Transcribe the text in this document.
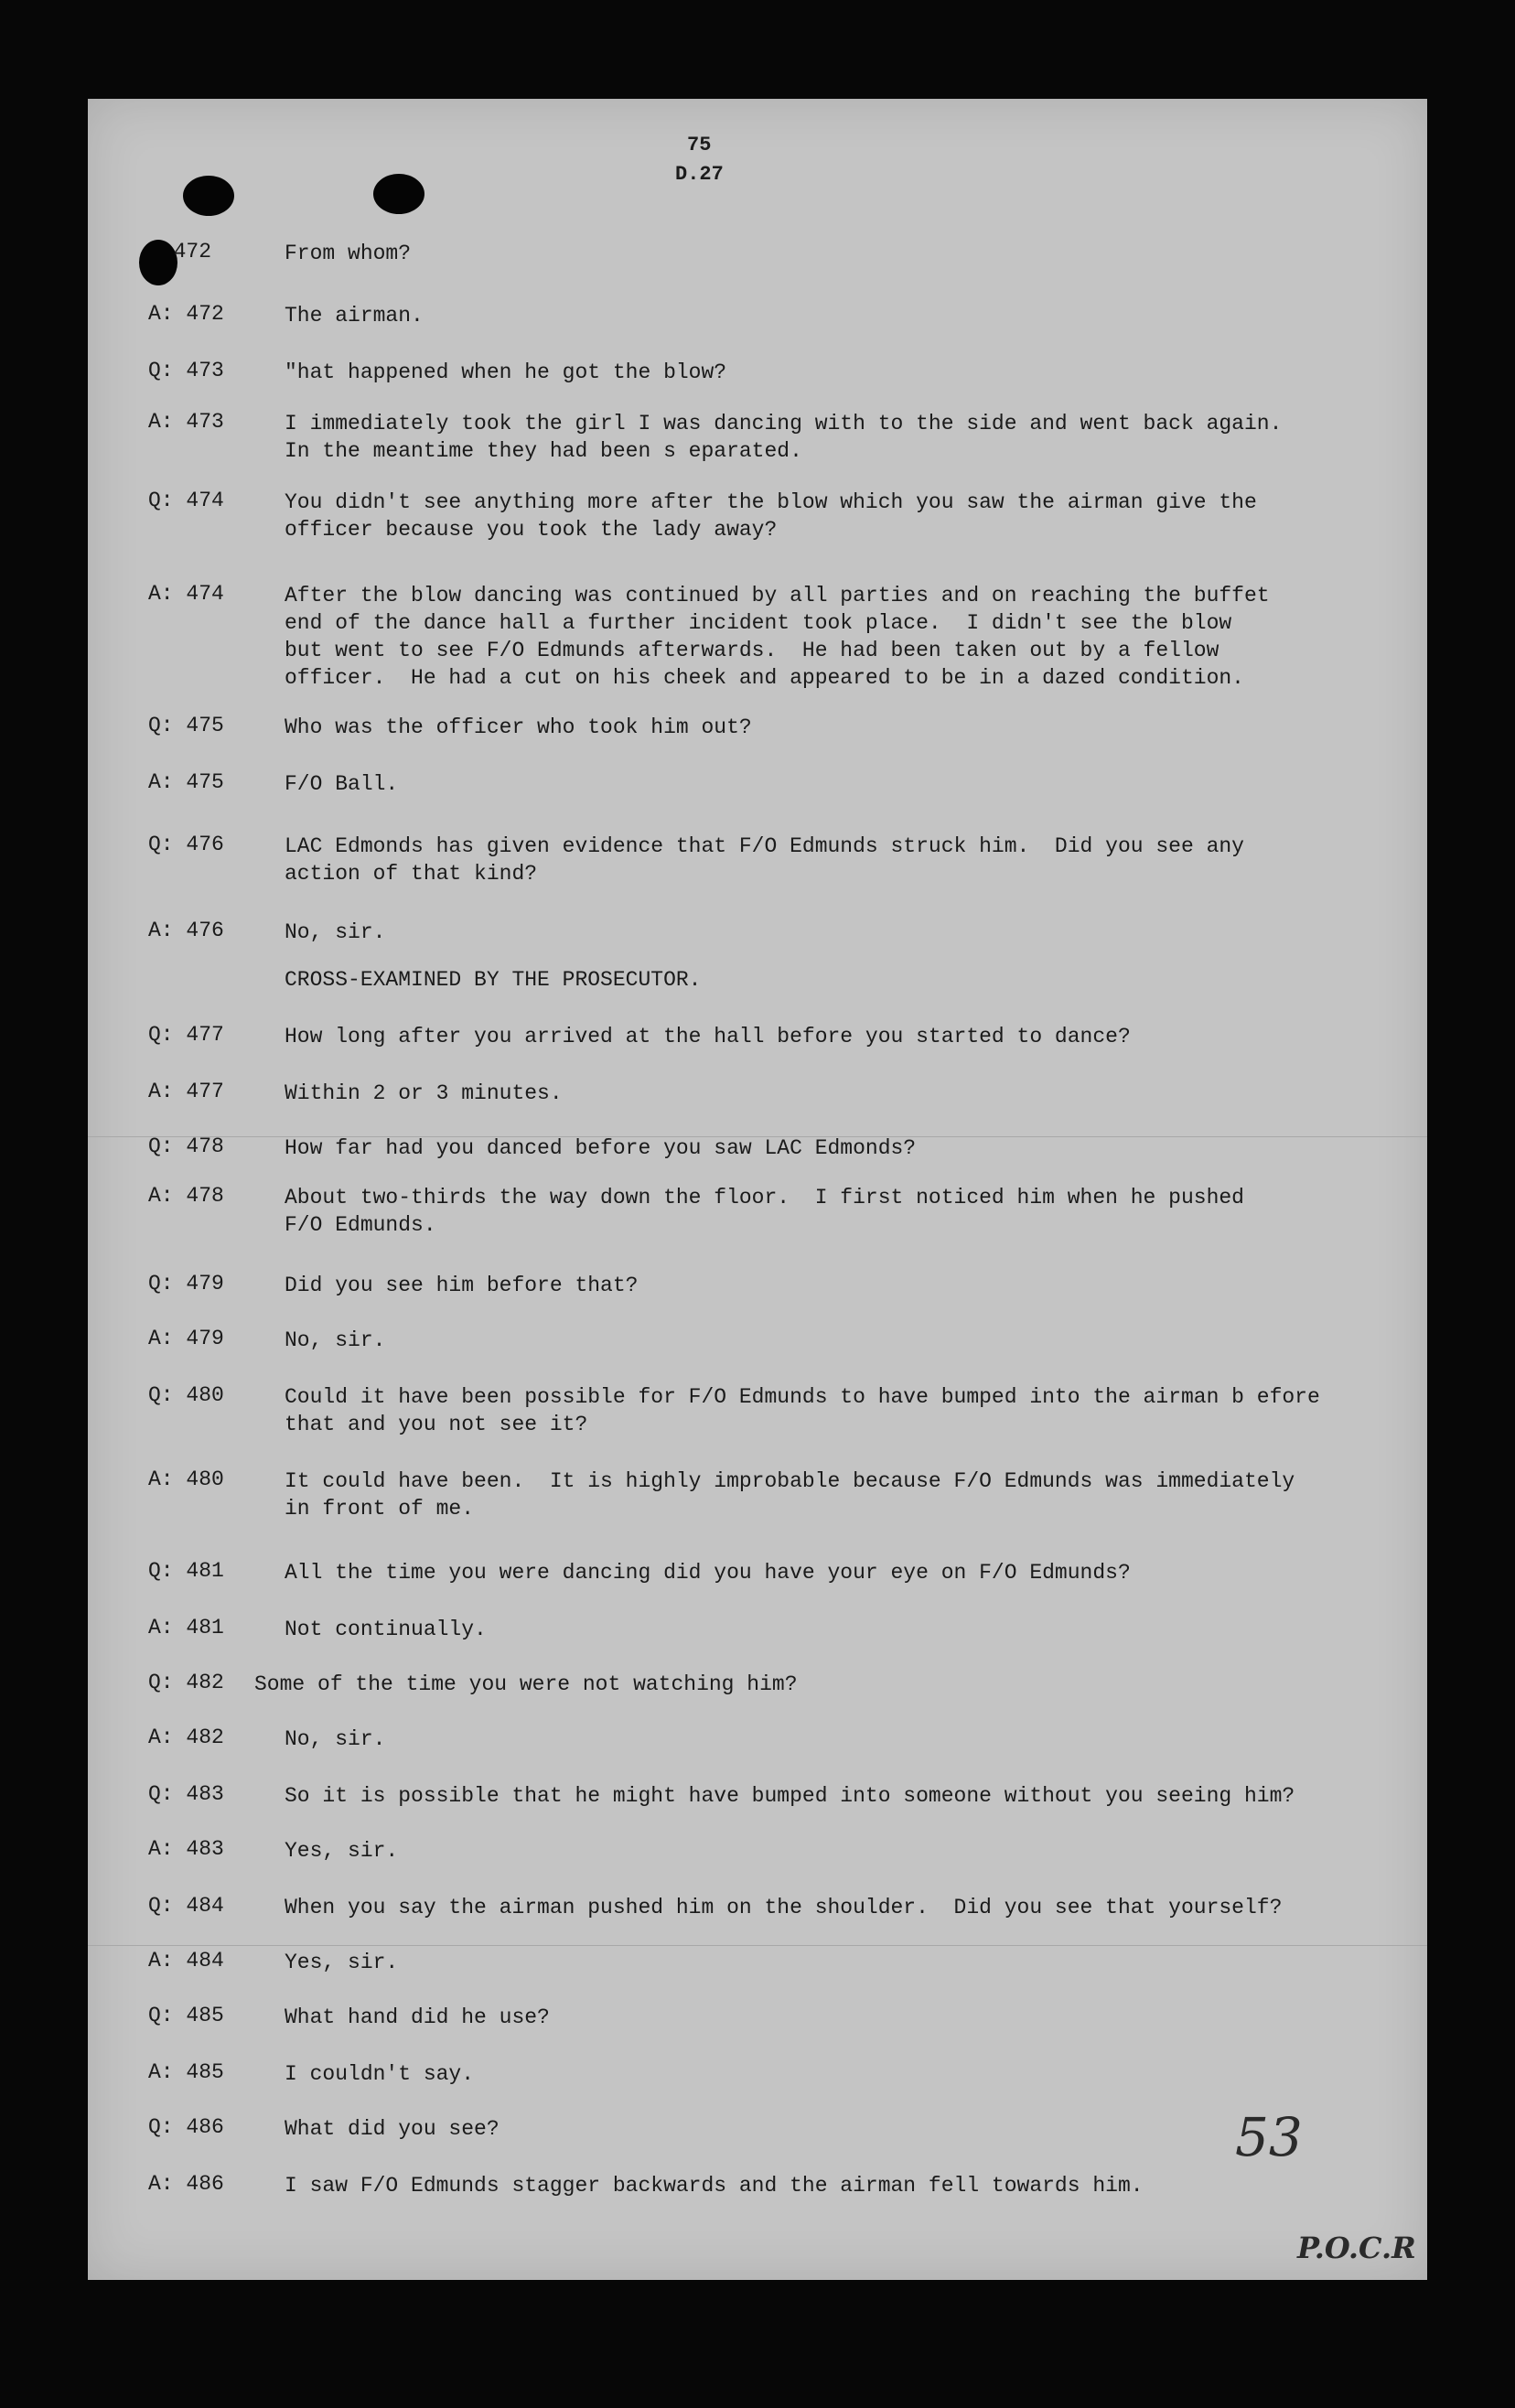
75
D.27
472	From whom?
A: 472	The airman.
Q: 473	"hat happened when he got the blow?
A: 473	I immediately took the girl I was dancing with to the side and went back again.
In the meantime they had been s eparated.
Q: 474	You didn't see anything more after the blow which you saw the airman give the
officer because you took the lady away?
A: 474	After the blow dancing was continued by all parties and on reaching the buffet
end of the dance hall a further incident took place.  I didn't see the blow
but went to see F/O Edmunds afterwards.  He had been taken out by a fellow
officer.  He had a cut on his cheek and appeared to be in a dazed condition.
Q: 475	Who was the officer who took him out?
A: 475	F/O Ball.
Q: 476	LAC Edmonds has given evidence that F/O Edmunds struck him.  Did you see any
action of that kind?
A: 476	No, sir.
CROSS-EXAMINED BY THE PROSECUTOR.
Q: 477	How long after you arrived at the hall before you started to dance?
A: 477	Within 2 or 3 minutes.
Q: 478	How far had you danced before you saw LAC Edmonds?
A: 478	About two-thirds the way down the floor.  I first noticed him when he pushed
F/O Edmunds.
Q: 479	Did you see him before that?
A: 479	No, sir.
Q: 480	Could it have been possible for F/O Edmunds to have bumped into the airman b efore
that and you not see it?
A: 480	It could have been.  It is highly improbable because F/O Edmunds was immediately
in front of me.
Q: 481	All the time you were dancing did you have your eye on F/O Edmunds?
A: 481	Not continually.
Q: 482 Some of the time you were not watching him?
A: 482	No, sir.
Q: 483	So it is possible that he might have bumped into someone without you seeing him?
A: 483	Yes, sir.
Q: 484	When you say the airman pushed him on the shoulder.  Did you see that yourself?
A: 484	Yes, sir.
Q: 485	What hand did he use?
A: 485	I couldn't say.
Q: 486	What did you see?
A: 486	I saw F/O Edmunds stagger backwards and the airman fell towards him.
53
P.O.C.R
